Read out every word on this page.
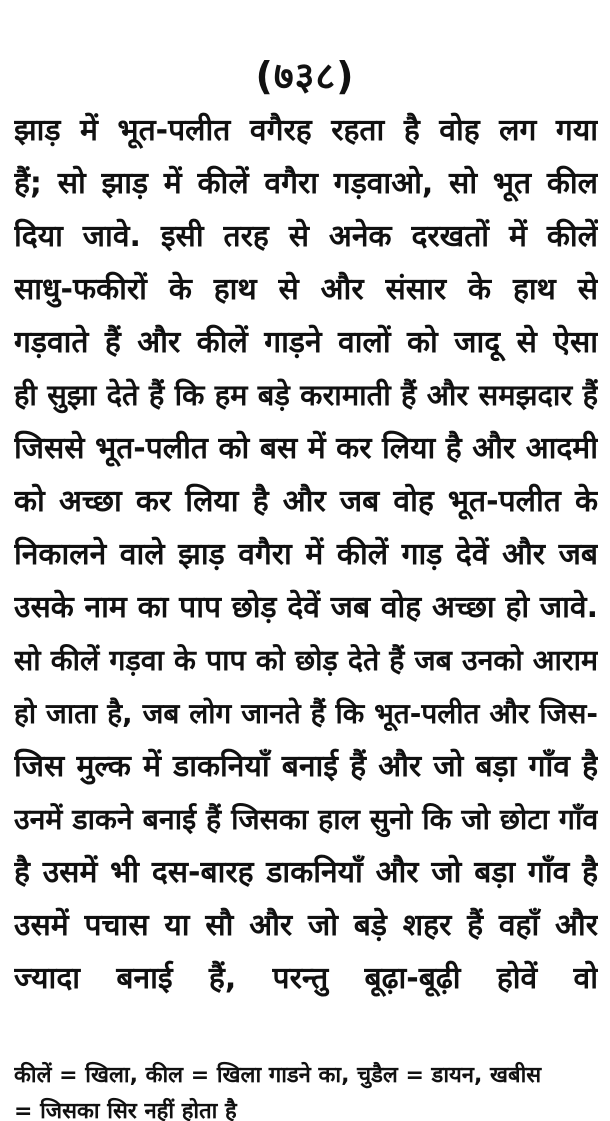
(७३८)
झाड़ में भूत-पलीत वगैरह रहता है वोह लग गया
हैं; सो झाड़ में कीलें वगैरा गड़वाओ, सो भूत कील
दिया जावे. इसी तरह से अनेक दरखतों में कीलें
साधु-फकीरों के हाथ से और संसार के हाथ से
गड़वाते हैं और कीलें गाड़ने वालों को जादू से ऐसा
ही सुझा देते हैं कि हम बड़े करामाती हैं और समझदार हैं
जिससे भूत-पलीत को बस में कर लिया है और आदमी
को अच्छा कर लिया है और जब वोह भूत-पलीत के
निकालने वाले झाड़ वगैरा में कीलें गाड़ देवें और जब
उसके नाम का पाप छोड़ देवें जब वोह अच्छा हो जावे.
सो कीलें गड़वा के पाप को छोड़ देते हैं जब उनको आराम
हो जाता है, जब लोग जानते हैं कि भूत-पलीत और जिस-
जिस मुल्क में डाकनियाँ बनाई हैं और जो बड़ा गाँव है
उनमें डाकने बनाई हैं जिसका हाल सुनो कि जो छोटा गाँव
है उसमें भी दस-बारह डाकनियाँ और जो बड़ा गाँव है
उसमें पचास या सौ और जो बड़े शहर हैं वहाँ और
ज्यादा बनाई हैं, परन्तु बूढ़ा-बूढ़ी होवें वो
कीलें = खिला, कील = खिला गाडने का, चुडैल = डायन, खबीस
= जिसका सिर नहीं होता है
